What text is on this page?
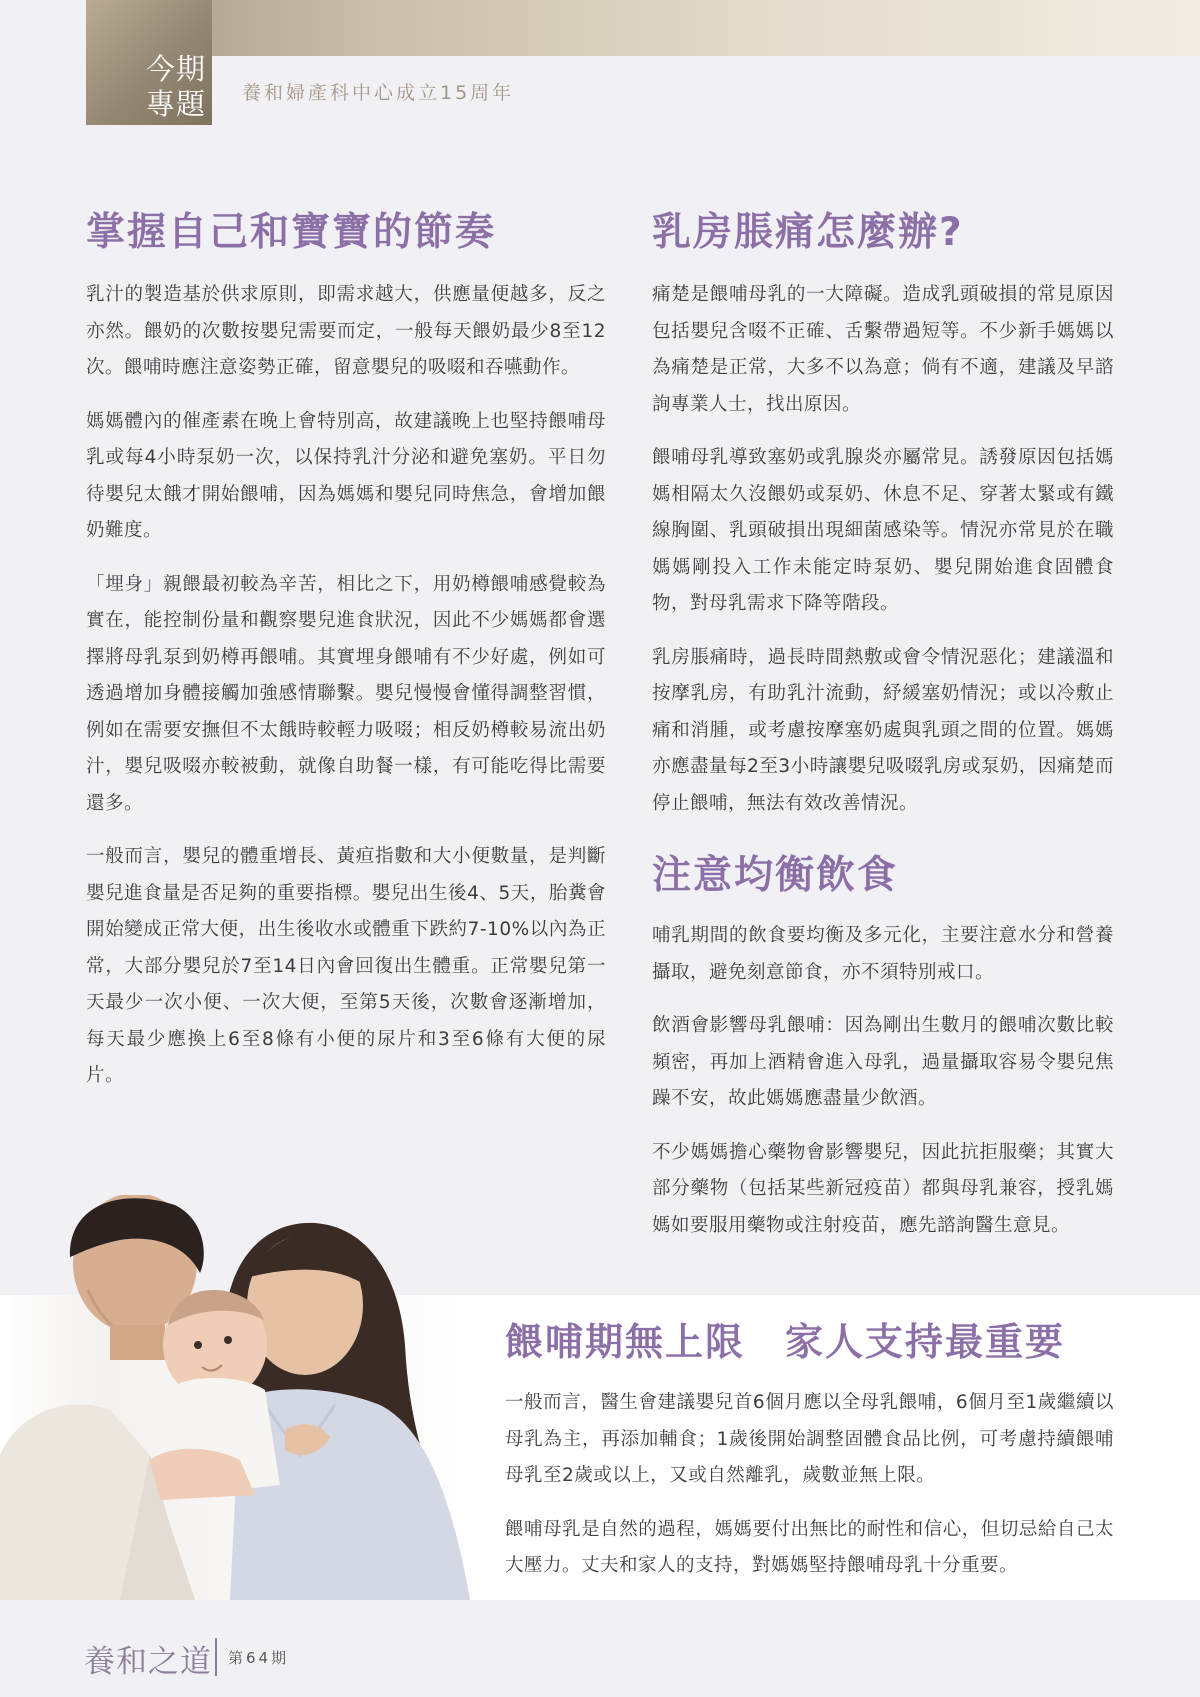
今期專題	養和婦產科中心成立15周年
掌握自己和寶寶的節奏

乳汁的製造基於供求原則，即需求越大，供應量便越多，反之亦然。餵奶的次數按嬰兒需要而定，一般每天餵奶最少8至12次。餵哺時應注意姿勢正確，留意嬰兒的吸啜和吞嚥動作。

媽媽體內的催產素在晚上會特別高，故建議晚上也堅持餵哺母乳或每4小時泵奶一次，以保持乳汁分泌和避免塞奶。平日勿待嬰兒太餓才開始餵哺，因為媽媽和嬰兒同時焦急，會增加餵奶難度。

「埋身」親餵最初較為辛苦，相比之下，用奶樽餵哺感覺較為實在，能控制份量和觀察嬰兒進食狀況，因此不少媽媽都會選擇將母乳泵到奶樽再餵哺。其實埋身餵哺有不少好處，例如可透過增加身體接觸加強感情聯繫。嬰兒慢慢會懂得調整習慣，例如在需要安撫但不太餓時較輕力吸啜；相反奶樽較易流出奶汁，嬰兒吸啜亦較被動，就像自助餐一樣，有可能吃得比需要還多。

一般而言，嬰兒的體重增長、黃疸指數和大小便數量，是判斷嬰兒進食量是否足夠的重要指標。嬰兒出生後4、5天，胎糞會開始變成正常大便，出生後收水或體重下跌約7-10%以內為正常，大部分嬰兒於7至14日內會回復出生體重。正常嬰兒第一天最少一次小便、一次大便，至第5天後，次數會逐漸增加，每天最少應換上6至8條有小便的尿片和3至6條有大便的尿片。

乳房脹痛怎麼辦?

痛楚是餵哺母乳的一大障礙。造成乳頭破損的常見原因包括嬰兒含啜不正確、舌繫帶過短等。不少新手媽媽以為痛楚是正常，大多不以為意；倘有不適，建議及早諮詢專業人士，找出原因。

餵哺母乳導致塞奶或乳腺炎亦屬常見。誘發原因包括媽媽相隔太久沒餵奶或泵奶、休息不足、穿著太緊或有鐵線胸圍、乳頭破損出現細菌感染等。情況亦常見於在職媽媽剛投入工作未能定時泵奶、嬰兒開始進食固體食物，對母乳需求下降等階段。

乳房脹痛時，過長時間熱敷或會令情況惡化；建議溫和按摩乳房，有助乳汁流動，紓緩塞奶情況；或以冷敷止痛和消腫，或考慮按摩塞奶處與乳頭之間的位置。媽媽亦應盡量每2至3小時讓嬰兒吸啜乳房或泵奶，因痛楚而停止餵哺，無法有效改善情況。

注意均衡飲食

哺乳期間的飲食要均衡及多元化，主要注意水分和營養攝取，避免刻意節食，亦不須特別戒口。

飲酒會影響母乳餵哺：因為剛出生數月的餵哺次數比較頻密，再加上酒精會進入母乳，過量攝取容易令嬰兒焦躁不安，故此媽媽應盡量少飲酒。

不少媽媽擔心藥物會影響嬰兒，因此抗拒服藥；其實大部分藥物（包括某些新冠疫苗）都與母乳兼容，授乳媽媽如要服用藥物或注射疫苗，應先諮詢醫生意見。

餵哺期無上限　家人支持最重要

一般而言，醫生會建議嬰兒首6個月應以全母乳餵哺，6個月至1歲繼續以母乳為主，再添加輔食；1歲後開始調整固體食品比例，可考慮持續餵哺母乳至2歲或以上，又或自然離乳，歲數並無上限。

餵哺母乳是自然的過程，媽媽要付出無比的耐性和信心，但切忌給自己太大壓力。丈夫和家人的支持，對媽媽堅持餵哺母乳十分重要。

養和之道 第64期
